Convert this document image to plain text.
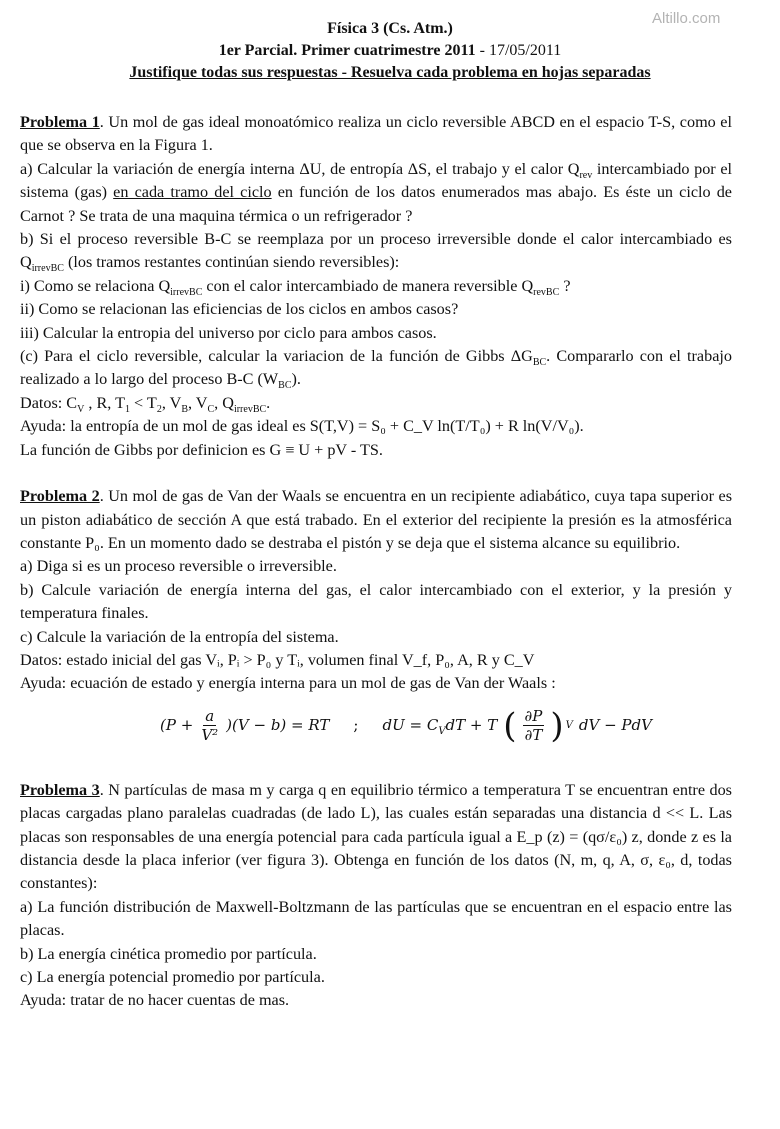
Altillo.com
Física 3 (Cs. Atm.)
1er Parcial. Primer cuatrimestre 2011 - 17/05/2011
Justifique todas sus respuestas - Resuelva cada problema en hojas separadas

Problema 1. Un mol de gas ideal monoatómico realiza un ciclo reversible ABCD en el espacio T-S, como el que se observa en la Figura 1.

a) Calcular la variación de energía interna ΔU, de entropía ΔS, el trabajo y el calor $Q_{rev}$ intercambiado por el sistema (gas) en cada tramo del ciclo en función de los datos enumerados mas abajo. Es éste un ciclo de Carnot ? Se trata de una maquina térmica o un refrigerador ?

b) Si el proceso reversible B-C se reemplaza por un proceso irreversible donde el calor intercambiado es $Q_{irrevBC}$ (los tramos restantes continúan siendo reversibles):

i) Como se relaciona $Q_{irrevBC}$ con el calor intercambiado de manera reversible $Q_{revBC}$ ?

ii) Como se relacionan las eficiencias de los ciclos en ambos casos?

iii) Calcular la entropia del universo por ciclo para ambos casos.

(c) Para el ciclo reversible, calcular la variacion de la función de Gibbs $\Delta G_{BC}$. Compararlo con el trabajo realizado a lo largo del proceso B-C $(W_{BC})$.

Datos: $C_V$ , R, $T_1 < T_2$, $V_B$, $V_C$, $Q_{irrevBC}$.

Ayuda: la entropía de un mol de gas ideal es S(T,V) = S₀ + C_V ln(T/T₀) + R ln(V/V₀).

La función de Gibbs por definicion es G ≡ U + pV - TS.

Problema 2. Un mol de gas de Van der Waals se encuentra en un recipiente adiabático, cuya tapa superior es un piston adiabático de sección A que está trabado. En el exterior del recipiente la presión es la atmosférica constante P₀. En un momento dado se destraba el pistón y se deja que el sistema alcance su equilibrio.

a) Diga si es un proceso reversible o irreversible.

b) Calcule variación de energía interna del gas, el calor intercambiado con el exterior, y la presión y temperatura finales.

c) Calcule la variación de la entropía del sistema.

Datos: estado inicial del gas Vᵢ, Pᵢ > P₀ y Tᵢ, volumen final V_f, P₀, A, R y C_V

Ayuda: ecuación de estado y energía interna para un mol de gas de Van der Waals :

$(P + \frac{a}{\text{V²}} )(V - b)$ = RT ; dU = $C_VdT + T$ ( $\frac{\partial P}{\partial T}$ ) V dV − PdV

Problema 3. N partículas de masa m y carga q en equilibrio térmico a temperatura T se encuentran entre dos placas cargadas plano paralelas cuadradas (de lado L), las cuales están separadas una distancia d << L. Las placas son responsables de una energía potencial para cada partícula igual a E_p (z) = (qσ/ε₀) z, donde z es la distancia desde la placa inferior (ver figura 3). Obtenga en función de los datos (N, m, q, A, σ, ε₀, d, todas constantes):

a) La función distribución de Maxwell-Boltzmann de las partículas que se encuentran en el espacio entre las placas.

b) La energía cinética promedio por partícula.

c) La energía potencial promedio por partícula.

Ayuda: tratar de no hacer cuentas de mas.
